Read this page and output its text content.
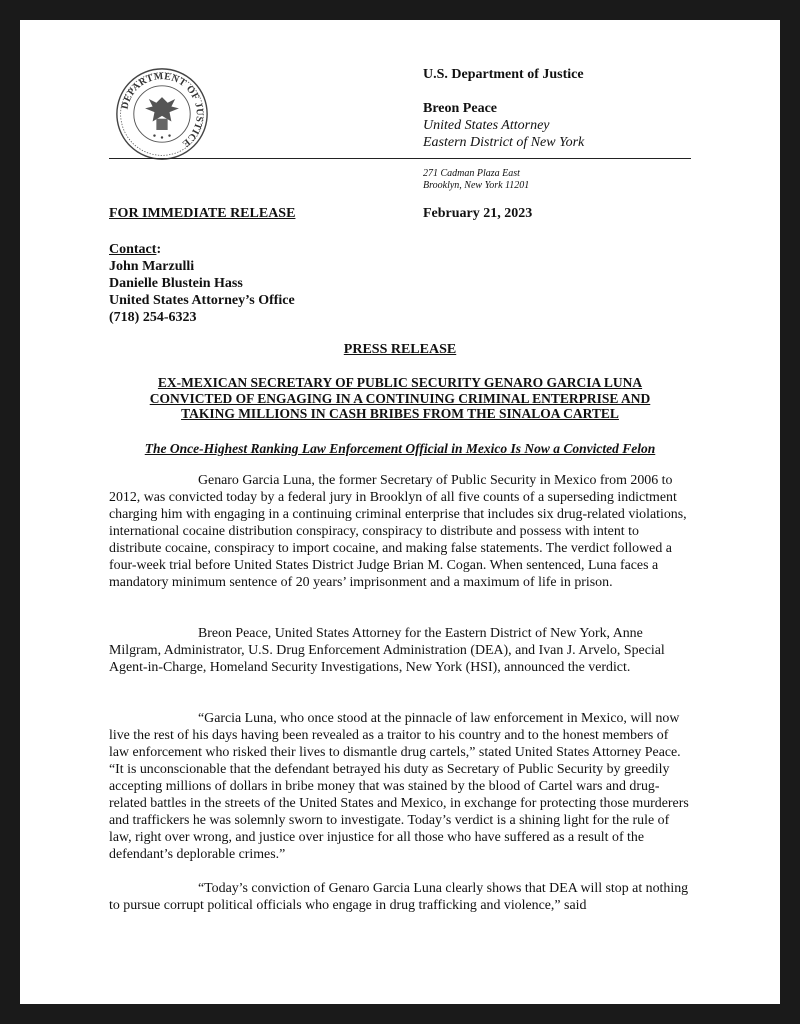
DEPARTMENT OF JUSTICE
U.S. Department of Justice
Breon Peace
United States Attorney
Eastern District of New York
271 Cadman Plaza East
Brooklyn, New York 11201
FOR IMMEDIATE RELEASE	February 21, 2023
Contact:
John Marzulli
Danielle Blustein Hass
United States Attorney’s Office
(718) 254-6323
PRESS RELEASE
EX-MEXICAN SECRETARY OF PUBLIC SECURITY GENARO GARCIA LUNA
CONVICTED OF ENGAGING IN A CONTINUING CRIMINAL ENTERPRISE AND
TAKING MILLIONS IN CASH BRIBES FROM THE SINALOA CARTEL
The Once-Highest Ranking Law Enforcement Official in Mexico Is Now a Convicted Felon

Genaro Garcia Luna, the former Secretary of Public Security in Mexico from 2006 to 2012, was convicted today by a federal jury in Brooklyn of all five counts of a superseding indictment charging him with engaging in a continuing criminal enterprise that includes six drug-related violations, international cocaine distribution conspiracy, conspiracy to distribute and possess with intent to distribute cocaine, conspiracy to import cocaine, and making false statements. The verdict followed a four-week trial before United States District Judge Brian M. Cogan. When sentenced, Luna faces a mandatory minimum sentence of 20 years’ imprisonment and a maximum of life in prison.

Breon Peace, United States Attorney for the Eastern District of New York, Anne Milgram, Administrator, U.S. Drug Enforcement Administration (DEA), and Ivan J. Arvelo, Special Agent-in-Charge, Homeland Security Investigations, New York (HSI), announced the verdict.

“Garcia Luna, who once stood at the pinnacle of law enforcement in Mexico, will now live the rest of his days having been revealed as a traitor to his country and to the honest members of law enforcement who risked their lives to dismantle drug cartels,” stated United States Attorney Peace. “It is unconscionable that the defendant betrayed his duty as Secretary of Public Security by greedily accepting millions of dollars in bribe money that was stained by the blood of Cartel wars and drug-related battles in the streets of the United States and Mexico, in exchange for protecting those murderers and traffickers he was solemnly sworn to investigate. Today’s verdict is a shining light for the rule of law, right over wrong, and justice over injustice for all those who have suffered as a result of the defendant’s deplorable crimes.”

“Today’s conviction of Genaro Garcia Luna clearly shows that DEA will stop at nothing to pursue corrupt political officials who engage in drug trafficking and violence,” said
